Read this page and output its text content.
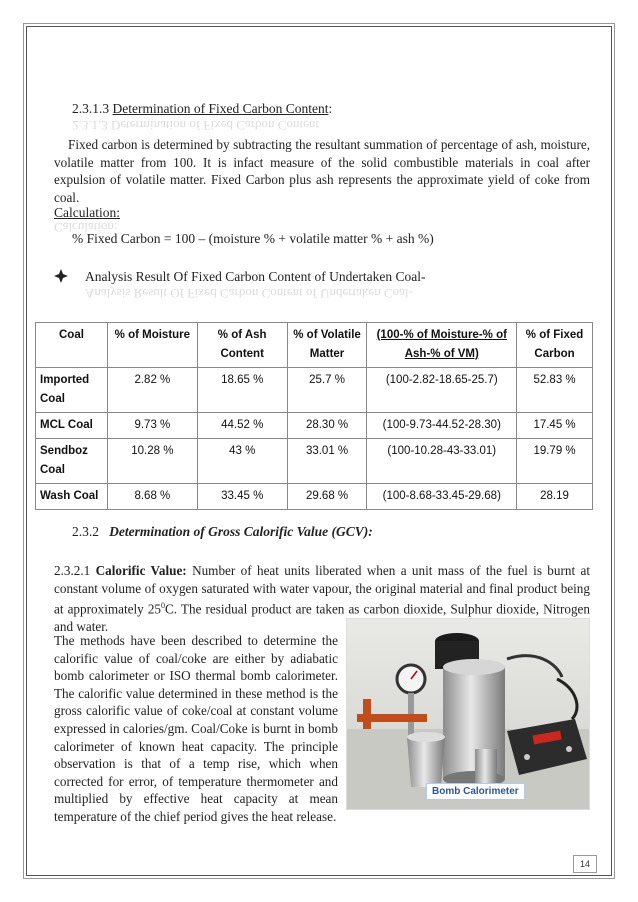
2.3.1.3 Determination of Fixed Carbon Content:
2.3.1.3 Determination of Fixed Carbon Content
Fixed carbon is determined by subtracting the resultant summation of percentage of ash, moisture, volatile matter from 100. It is infact measure of the solid combustible materials in coal after expulsion of volatile matter. Fixed Carbon plus ash represents the approximate yield of coke from coal.
Calculation:
Calculation:
% Fixed Carbon = 100 – (moisture % + volatile matter % + ash %)
Analysis Result Of Fixed Carbon Content of Undertaken Coal-
Analysis Result Of Fixed Carbon Content of Undertaken Coal-
Coal	% of Moisture	% of Ash Content	% of Volatile Matter	(100-% of Moisture-% of Ash-% of VM)	% of Fixed Carbon
Imported Coal	2.82 %	18.65 %	25.7 %	(100-2.82-18.65-25.7)	52.83 %
MCL Coal	9.73 %	44.52 %	28.30 %	(100-9.73-44.52-28.30)	17.45 %
Sendboz Coal	10.28 %	43 %	33.01 %	(100-10.28-43-33.01)	19.79 %
Wash Coal	8.68 %	33.45 %	29.68 %	(100-8.68-33.45-29.68)	28.19
2.3.2 Determination of Gross Calorific Value (GCV):
2.3.2.1 Calorific Value: Number of heat units liberated when a unit mass of the fuel is burnt at constant volume of oxygen saturated with water vapour, the original material and final product being at approximately $25^0C$. The residual product are taken as carbon dioxide, Sulphur dioxide, Nitrogen and water.
The methods have been described to determine the calorific value of coal/coke are either by adiabatic bomb calorimeter or ISO thermal bomb calorimeter. The calorific value determined in these method is the gross calorific value of coke/coal at constant volume expressed in calories/gm. Coal/Coke is burnt in bomb calorimeter of known heat capacity. The principle observation is that of a temp rise, which when corrected for error, of temperature thermometer and multiplied by effective heat capacity at mean temperature of the chief period gives the heat release.
Bomb Calorimeter
14
